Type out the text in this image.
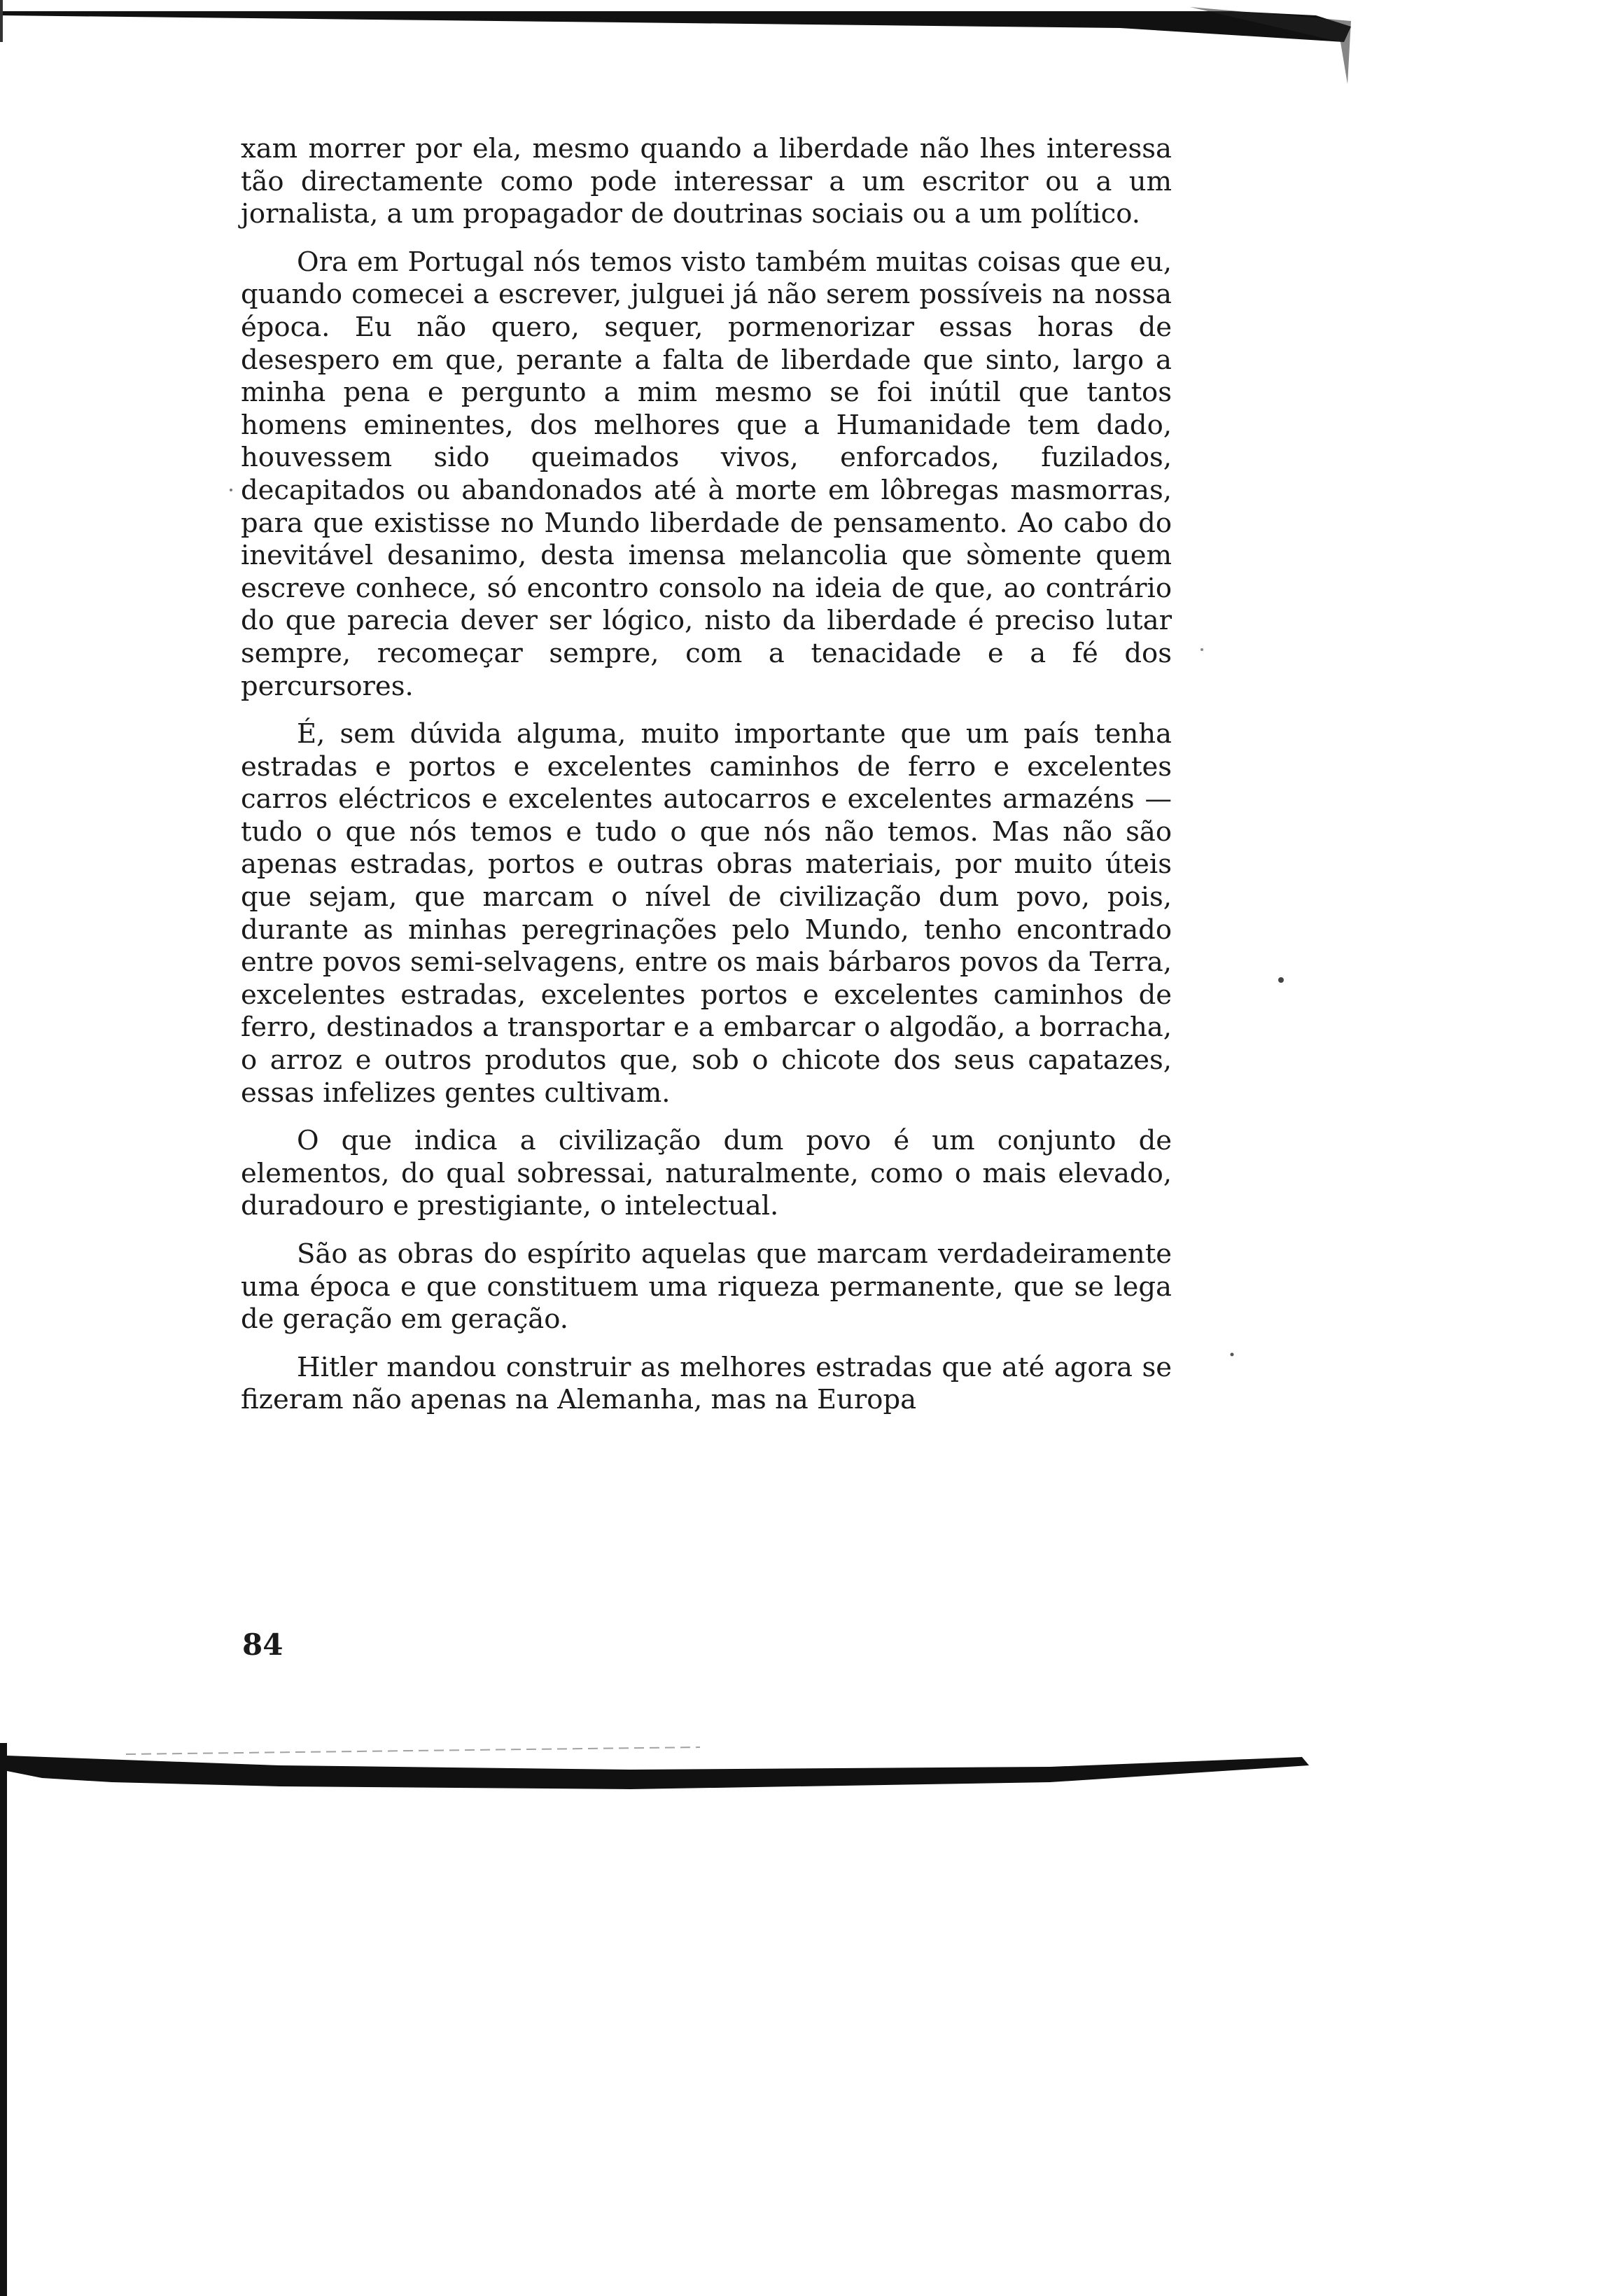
xam morrer por ela, mesmo quando a liberdade não lhes interessa tão directamente como pode interessar a um escritor ou a um jornalista, a um propagador de doutrinas sociais ou a um político.

Ora em Portugal nós temos visto também muitas coisas que eu, quando comecei a escrever, julguei já não serem possíveis na nossa época. Eu não quero, sequer, pormenorizar essas horas de desespero em que, perante a falta de liberdade que sinto, largo a minha pena e pergunto a mim mesmo se foi inútil que tantos homens eminentes, dos melhores que a Humanidade tem dado, houvessem sido queimados vivos, enforcados, fuzilados, decapitados ou abandonados até à morte em lôbregas masmorras, para que existisse no Mundo liberdade de pensamento. Ao cabo do inevitável desanimo, desta imensa melancolia que sòmente quem escreve conhece, só encontro consolo na ideia de que, ao contrário do que parecia dever ser lógico, nisto da liberdade é preciso lutar sempre, recomeçar sempre, com a tenacidade e a fé dos percursores.

É, sem dúvida alguma, muito importante que um país tenha estradas e portos e excelentes caminhos de ferro e excelentes carros eléctricos e excelentes autocarros e excelentes armazéns — tudo o que nós temos e tudo o que nós não temos. Mas não são apenas estradas, portos e outras obras materiais, por muito úteis que sejam, que marcam o nível de civilização dum povo, pois, durante as minhas peregrinações pelo Mundo, tenho encontrado entre povos semi-selvagens, entre os mais bárbaros povos da Terra, excelentes estradas, excelentes portos e excelentes caminhos de ferro, destinados a transportar e a embarcar o algodão, a borracha, o arroz e outros produtos que, sob o chicote dos seus capatazes, essas infelizes gentes cultivam.

O que indica a civilização dum povo é um conjunto de elementos, do qual sobressai, naturalmente, como o mais elevado, duradouro e prestigiante, o intelectual.

São as obras do espírito aquelas que marcam verdadeiramente uma época e que constituem uma riqueza permanente, que se lega de geração em geração.

Hitler mandou construir as melhores estradas que até agora se fizeram não apenas na Alemanha, mas na Europa

84
